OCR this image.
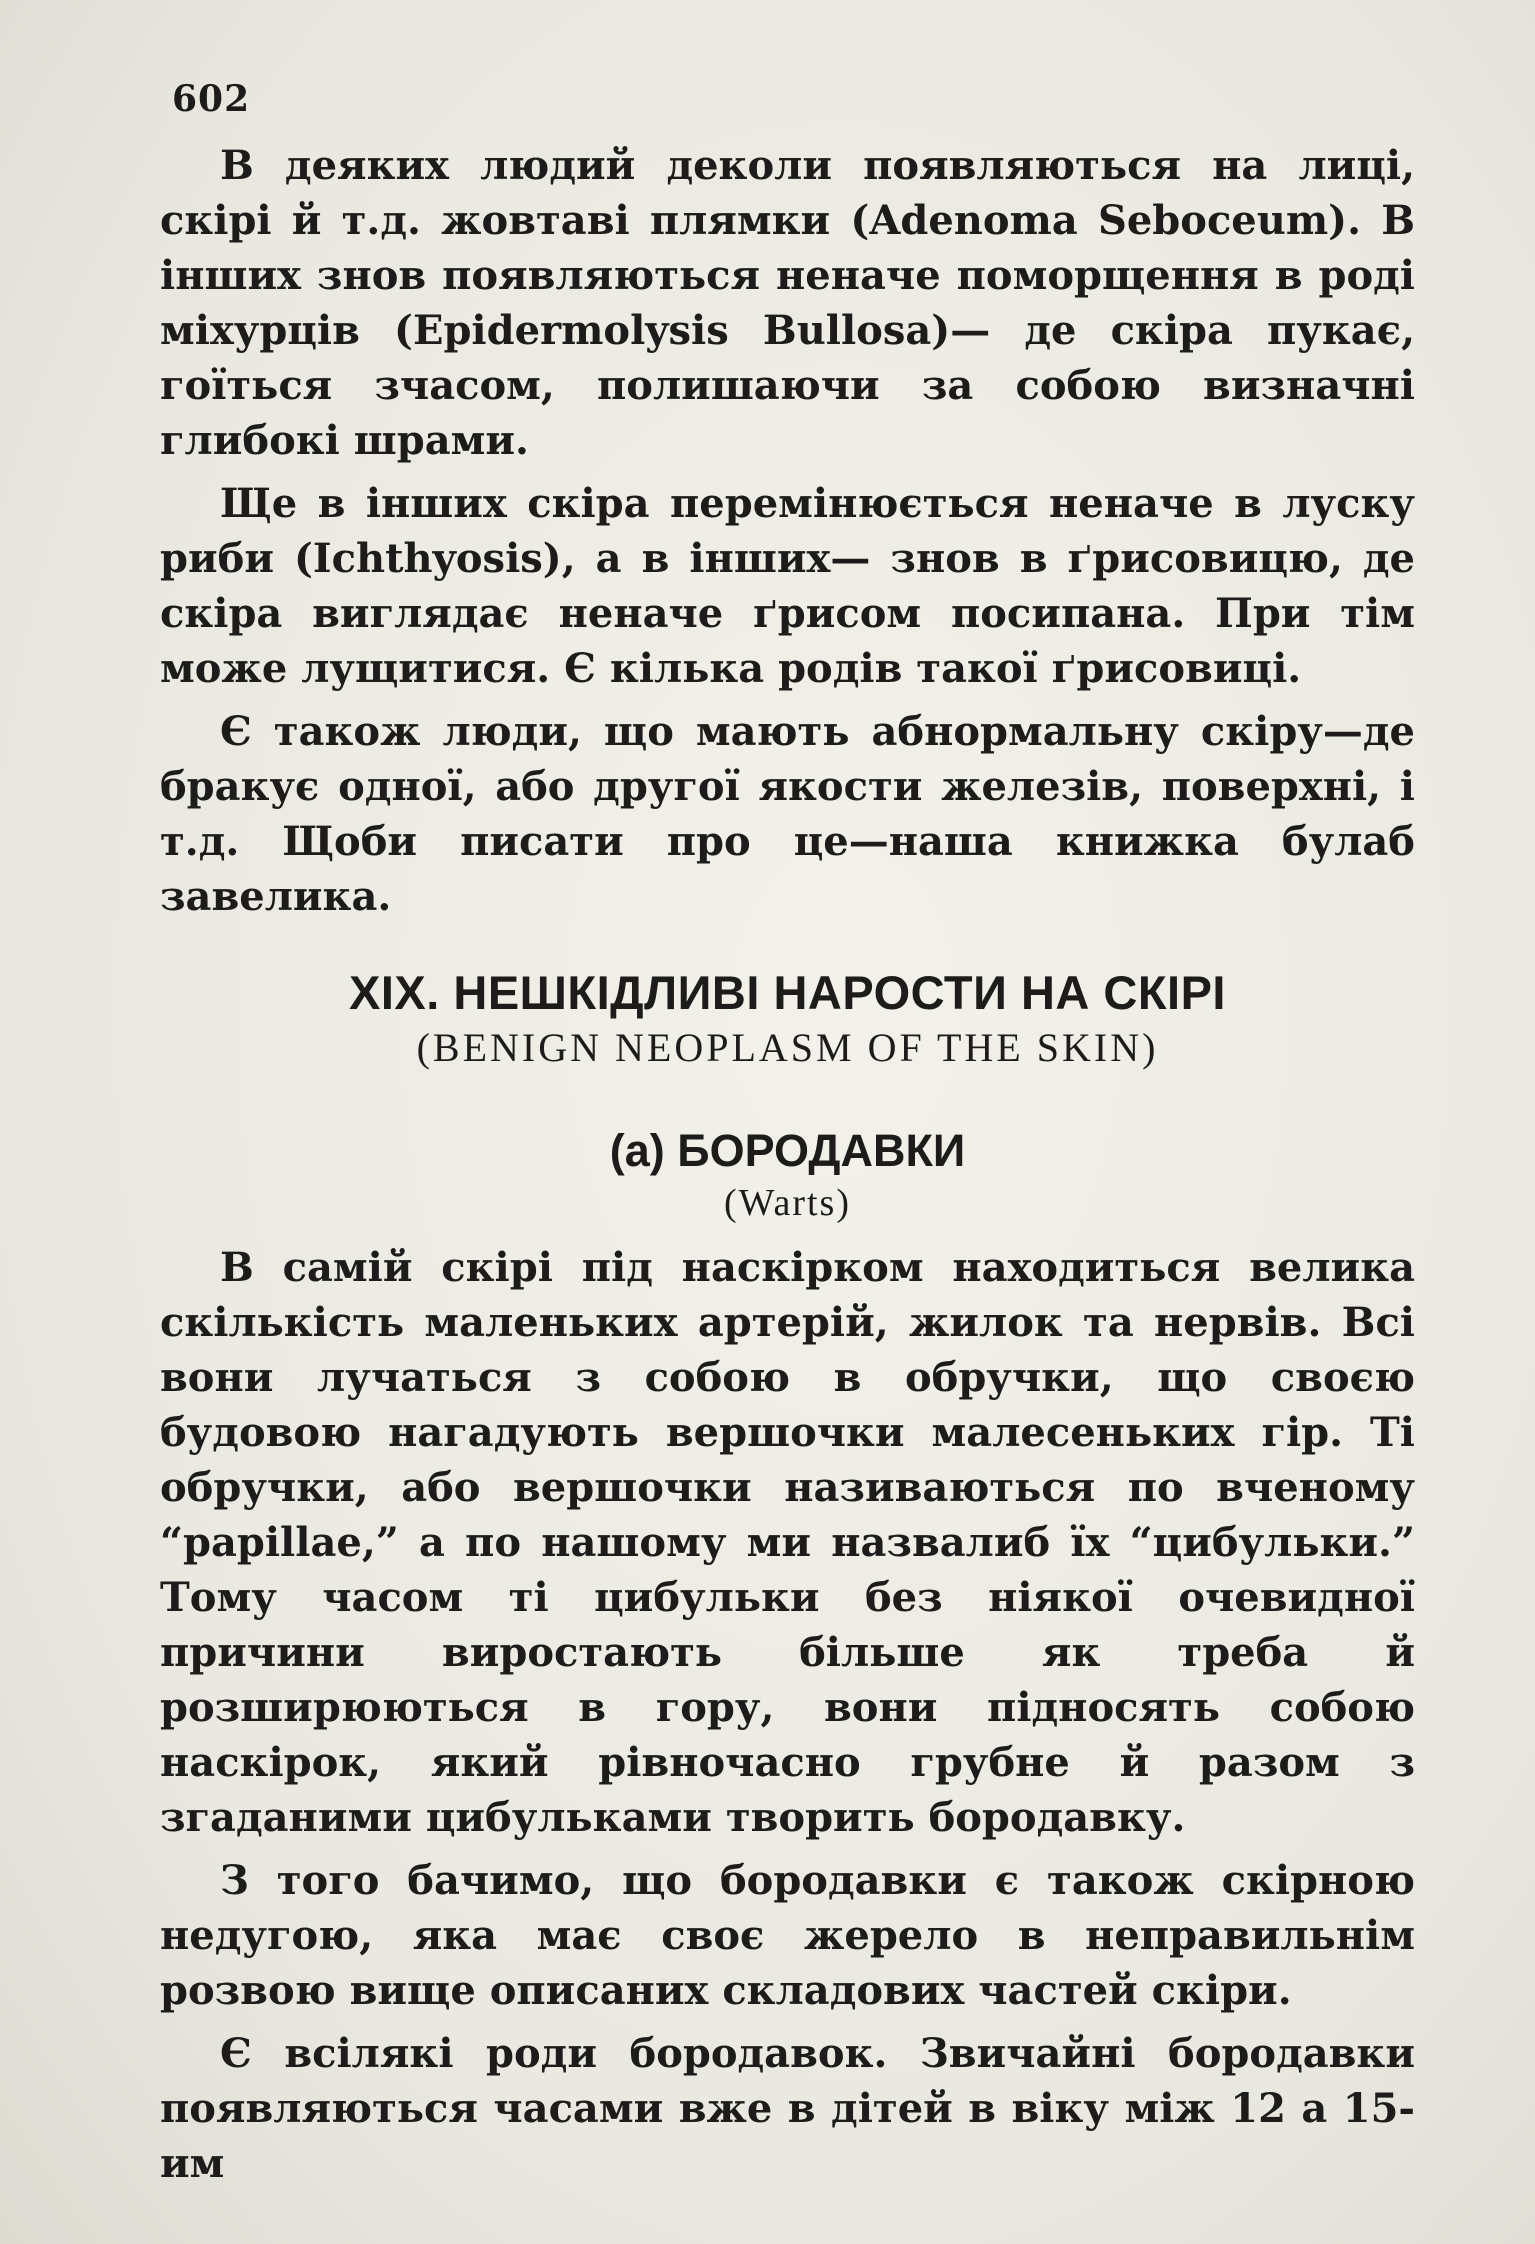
602

В деяких людий деколи появляються на лиці, скірі й т.д. жовтаві плямки (Adenoma Seboceum). В інших знов появляються неначе поморщення в роді міхурців (Epidermolysis Bullosa)— де скіра пукає, гоїться зчасом, полишаючи за собою визначні глибокі шрами.

Ще в інших скіра перемінюється неначе в луску риби (Ichthyosis), а в інших— знов в ґрисовицю, де скіра виглядає неначе ґрисом посипана. При тім може лущитися. Є кілька родів такої ґрисовиці.

Є також люди, що мають абнормальну скіру—де бракує одної, або другої якости железів, поверхні, і т.д. Щоби писати про це—наша книжка булаб завелика.

XIX. НЕШКІДЛИВІ НАРОСТИ НА СКІРІ
(BENIGN NEOPLASM OF THE SKIN)
(а) БОРОДАВКИ
(Warts)

В самій скірі під наскірком находиться велика скількість маленьких артерій, жилок та нервів. Всі вони лучаться з собою в обручки, що своєю будовою нагадують вершочки малесеньких гір. Ті обручки, або вершочки називаються по вченому “papillae,” а по нашому ми назвалиб їх “цибульки.” Тому часом ті цибульки без ніякої очевидної причини виростають більше як треба й розширюються в гору, вони підносять собою наскірок, який рівночасно грубне й разом з згаданими цибульками творить бородавку.

З того бачимо, що бородавки є також скірною недугою, яка має своє жерело в неправильнім розвою вище описаних складових частей скіри.

Є всілякі роди бородавок. Звичайні бородавки появляються часами вже в дітей в віку між 12 а 15-им
